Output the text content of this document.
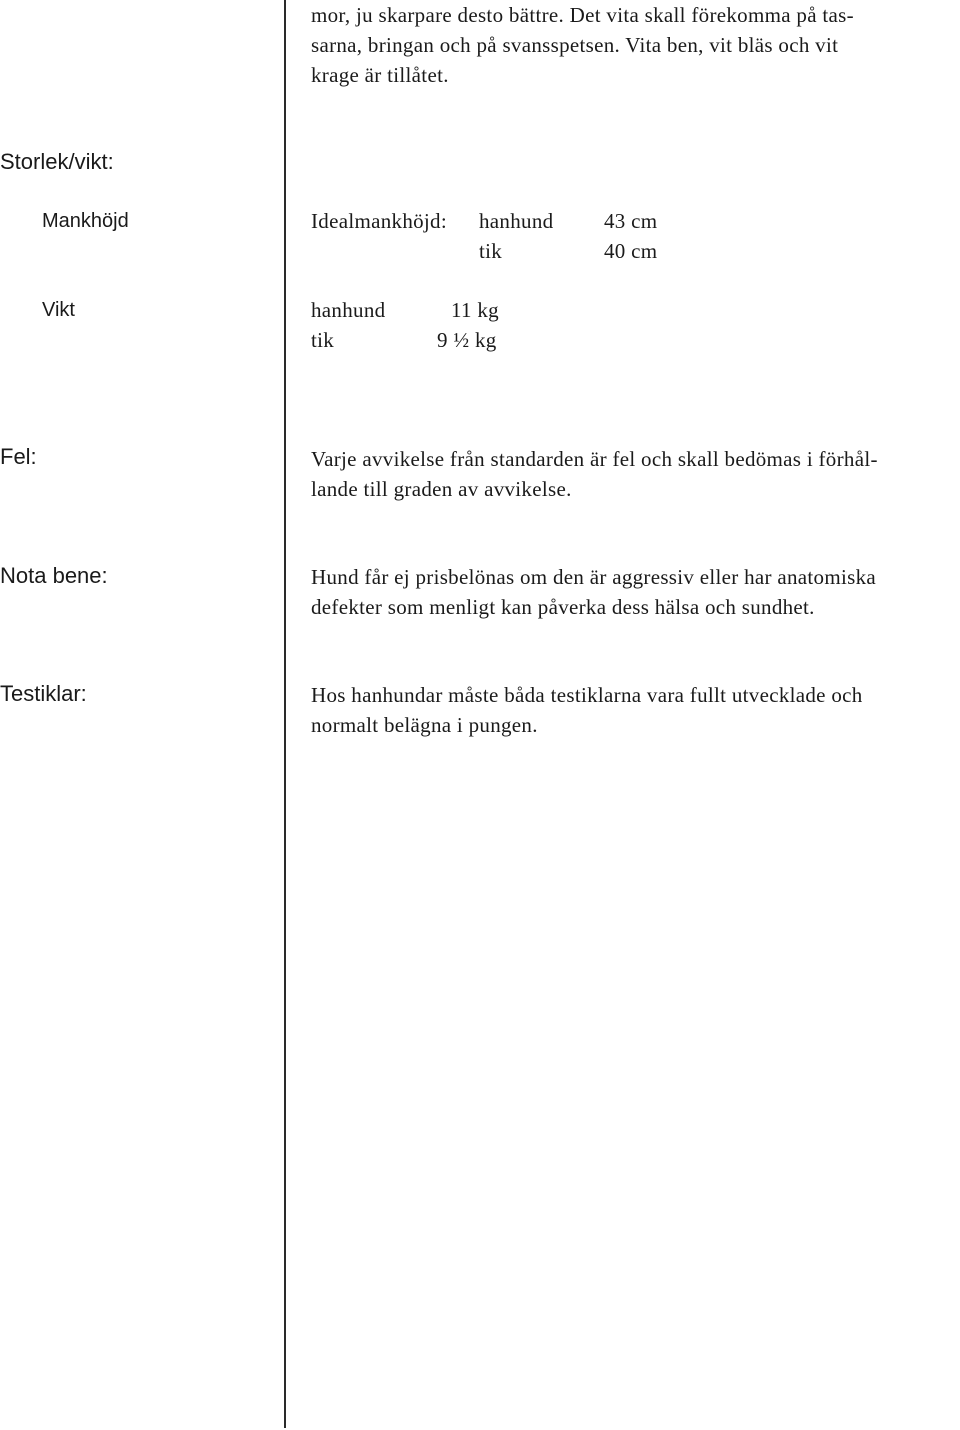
mor, ju skarpare desto bättre. Det vita skall förekomma på tas-
sarna, bringan och på svansspetsen. Vita ben, vit bläs och vit
krage är tillåtet.
Storlek/vikt:
Mankhöjd	Idealmankhöjd: hanhund 43 cm
tik	40 cm
Vikt	hanhund	11 kg
tik	9 ½ kg
Fel:	Varje avvikelse från standarden är fel och skall bedömas i förhål-
lande till graden av avvikelse.
Nota bene:	Hund får ej prisbelönas om den är aggressiv eller har anatomiska
defekter som menligt kan påverka dess hälsa och sundhet.
Testiklar:	Hos hanhundar måste båda testiklarna vara fullt utvecklade och
normalt belägna i pungen.
